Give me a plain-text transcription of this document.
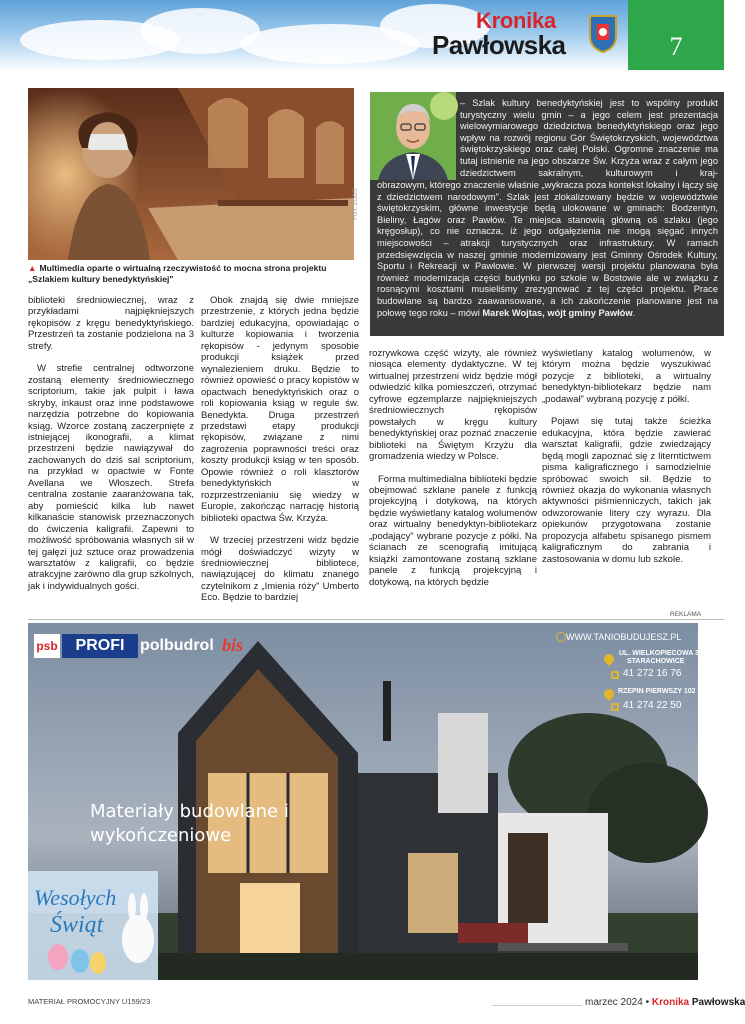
Kronika
Pawłowska	7
FOT. ZOGS
▲ Multimedia oparte o wirtualną rzeczywistość to mocna strona projektu „Szlakiem kultury benedyktyńskiej"
– Szlak kultury benedyktyńskiej jest to wspólny produkt turystyczny wielu gmin – a jego celem jest prezentacja wielowymiarowego dziedzictwa benedyktyńskiego oraz jego wpływ na rozwój regionu Gór Świętokrzyskich, województwa świętokrzyskiego oraz całej Polski. Ogromne znaczenie ma tutaj istnienie na jego obszarze Św. Krzyża wraz z całym jego dziedzictwem sakralnym, kulturowym i kraj-
obrazowym, którego znaczenie właśnie „wykracza poza kontekst lokalny i łączy się z dziedzictwem narodowym". Szlak jest zlokalizowany będzie w województwie świętokrzyskim, główne inwestycje będą ulokowane w gminach: Bodzentyn, Bieliny, Łagów oraz Pawłów. Te miejsca stanowią główną oś szlaku (jego kręgosłup), co nie oznacza, iż jego odgałęzienia nie mogą sięgać innych miejscowości – atrakcji turystycznych oraz infrastruktury. W ramach przedsięwzięcia w naszej gminie modernizowany jest Gminny Ośrodek Kultury, Sportu i Rekreacji w Pawłowie. W pierwszej wersji projektu planowana była również modernizacja części budynku po szkole w Bostowie ale w związku z rosnącymi kosztami musieliśmy zrezygnować z tej części projektu. Prace budowlane są bardzo zaawansowane, a ich zakończenie planowane jest na połowę tego roku – mówi Marek Wojtas, wójt gminy Pawłów.

biblioteki średniowiecznej, wraz z przykładami najpiękniejszych rękopisów z kręgu benedyktyńskiego. Przestrzeń ta zostanie podzielona na 3 strefy.

W strefie centralnej odtworzone zostaną elementy średniowiecznego scriptorium, takie jak pulpit i ława skryby, inkaust oraz inne podstawowe narzędzia potrzebne do kopiowania ksiąg. Wzorce zostaną zaczerpnięte z istniejącej ikonografii, a klimat przestrzeni będzie nawiązywał do zachowanych do dziś sal scriptorium, na przykład w opactwie w Fonte Avellana we Włoszech. Strefa centralna zostanie zaaranżowana tak, aby pomieścić kilka lub nawet kilkanaście stanowisk przeznaczonych do ćwiczenia kaligrafii. Zapewni to możliwość spróbowania własnych sił w tej gałęzi już sztuce oraz prowadzenia warsztatów z kaligrafii, co będzie atrakcyjne zarówno dla grup szkolnych, jak i indywidualnych gości.

Obok znajdą się dwie mniejsze przestrzenie, z których jedna będzie bardziej edukacyjna, opowiadając o kulturze kopiowania i tworzenia rękopisów - jedynym sposobie produkcji książek przed wynalezieniem druku. Będzie to również opowieść o pracy kopistów w opactwach benedyktyńskich oraz o roli kopiowania ksiąg w regule św. Benedykta. Druga przestrzeń przedstawi etapy produkcji rękopisów, związane z nimi zagrożenia poprawności treści oraz koszty produkcji ksiąg w ten sposób. Opowie również o roli klasztorów benedyktyńskich w rozprzestrzenianiu się wiedzy w Europie, zakończąc narrację historią biblioteki opactwa Św. Krzyża.

W trzeciej przestrzeni widz będzie mógł doświadczyć wizyty w średniowiecznej bibliotece, nawiązującej do klimatu znanego czytelnikom z „Imienia róży" Umberto Eco. Będzie to bardziej

rozrywkowa część wizyty, ale również niosąca elementy dydaktyczne. W tej wirtualnej przestrzeni widz będzie mógł odwiedzić kilka pomieszczeń, otrzymać cyfrowe egzemplarze najpiękniejszych średniowiecznych rękopisów powstałych w kręgu kultury benedyktyńskiej oraz poznać znaczenie biblioteki na Świętym Krzyżu dla gromadzenia wiedzy w Polsce.

Forma multimedialna biblioteki będzie obejmować szklane panele z funkcją projekcyjną i dotykową, na których będzie wyświetlany katalog wolumenów oraz wirtualny benedyktyn-bibliotekarz „podający" wybrane pozycje z półki. Na ścianach ze scenografią imitującą książki zamontowane zostaną szklane panele z funkcją projekcyjną i dotykową, na których będzie

wyświetlany katalog wolumenów, w którym można będzie wyszukiwać pozycje z biblioteki, a wirtualny benedyktyn-bibliotekarz będzie nam „podawał" wybraną pozycję z półki.

Pojawi się tutaj także ścieżka edukacyjna, która będzie zawierać warsztat kaligrafii, gdzie zwiedzający będą mogli zapoznać się z literntictwem pisma kaligraficznego i samodzielnie spróbować swoich sił. Będzie to również okazja do wykonania własnych aktywności piśmienniczych, takich jak odwzorowanie litery czy wyrazu. Dla opiekunów przygotowana zostanie propozycja alfabetu spisanego pismem kaligraficznym do zabrania i zastosowania w domu lub szkole.

REKLAMA
psb	PROFI polbudrol bis	WWW.TANIOBUDUJESZ.PL
UL. WIELKOPIECOWA 3
STARACHOWICE
41 272 16 76
RZEPIN PIERWSZY 102
41 274 22 50
Materiały budowlane i
wykończeniowe
Wesołych
Świąt
MATERIAŁ PROMOCYJNY U159/23	marzec 2024 • Kronika Pawłowska
